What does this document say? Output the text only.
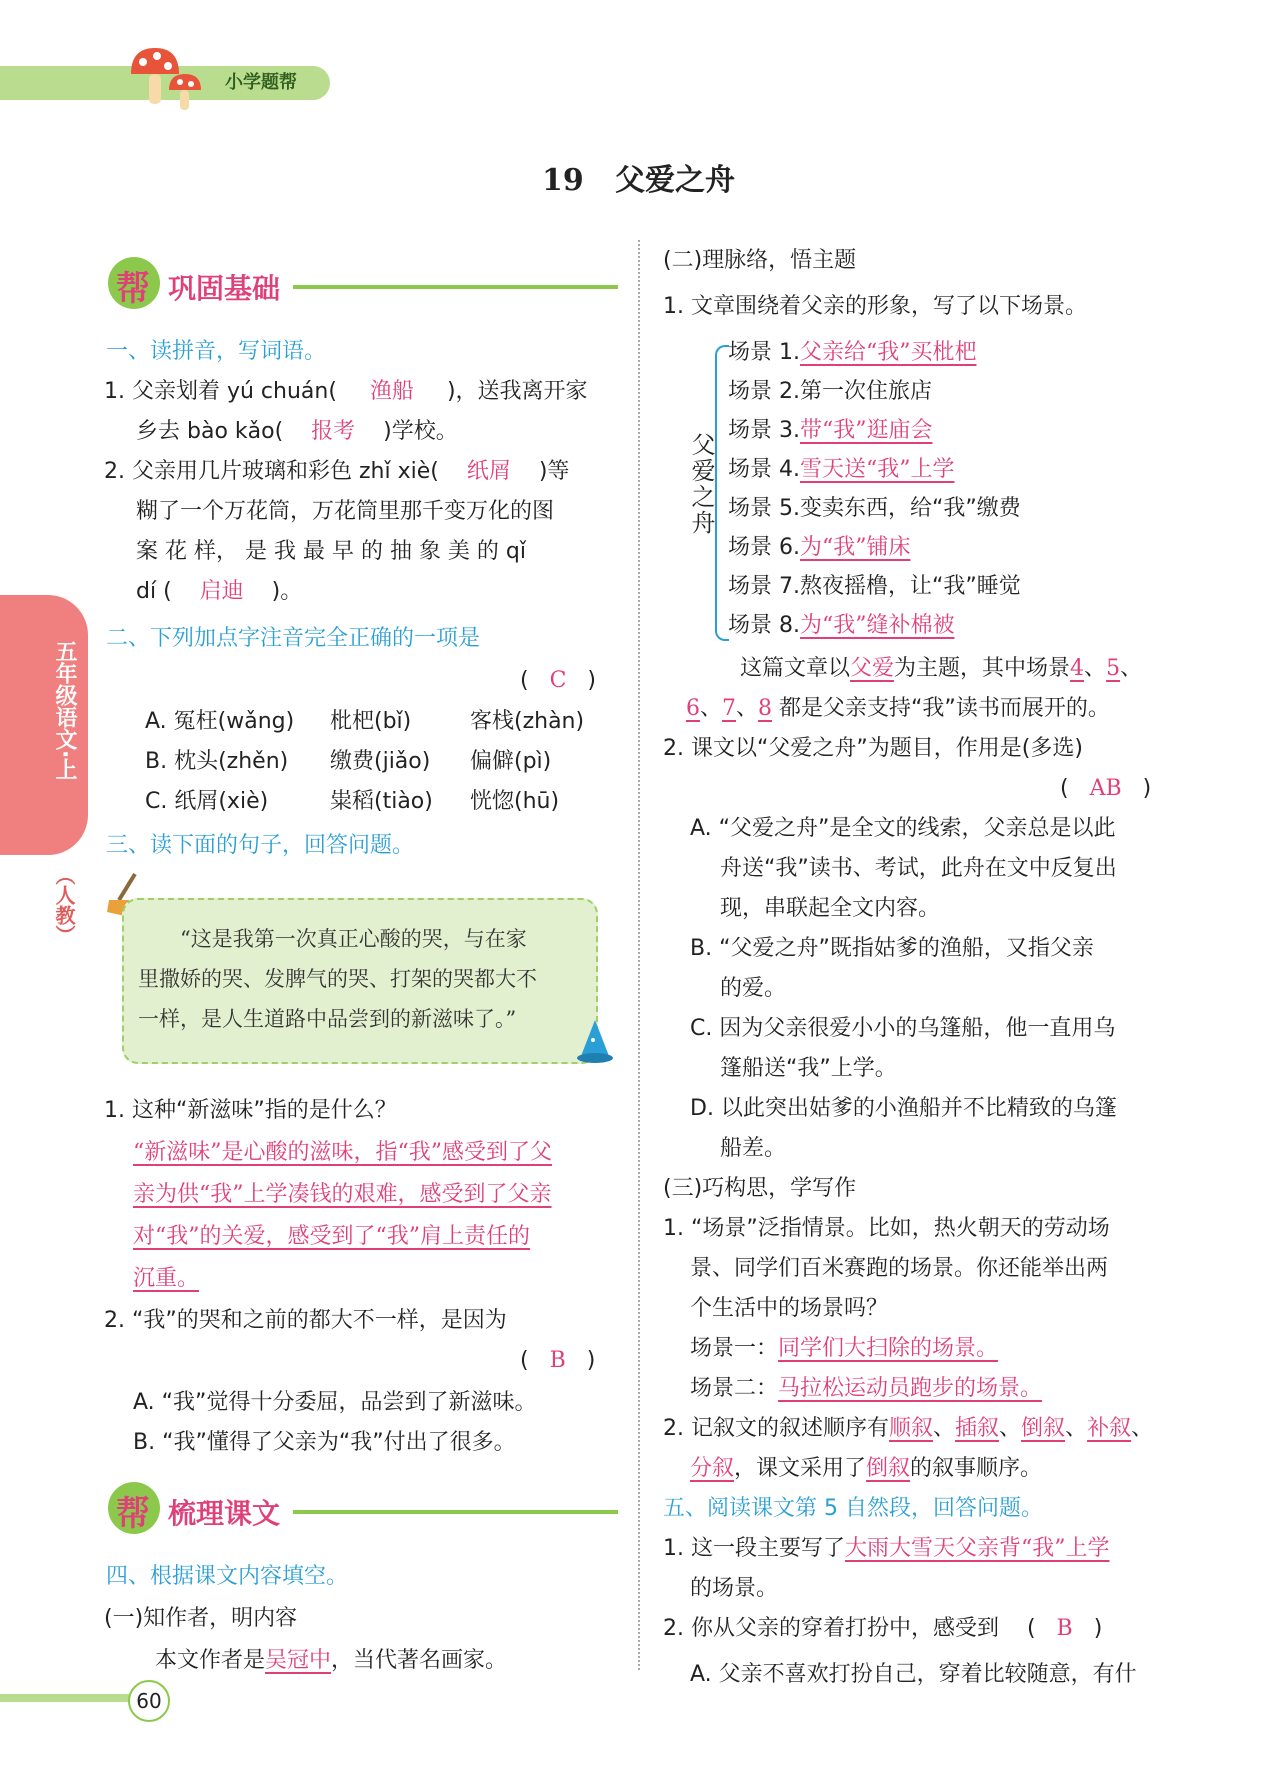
小学题帮
19 父爱之舟
五年级语文·上
（人教）
帮 巩固基础
一、读拼音，写词语。
1. 父亲划着 yú chuán( 渔船 )，送我离开家
乡去 bào kǎo( 报考 )学校。
2. 父亲用几片玻璃和彩色 zhǐ xiè( 纸屑 )等
糊了一个万花筒，万花筒里那千变万化的图
案 花 样， 是 我 最 早 的 抽 象 美 的 qǐ
dí ( 启迪 )。
二、下列加点字注音完全正确的一项是
(   C   )
A. 冤枉(wǎng) 枇杷(bǐ)	客栈(zhàn)
B. 枕头(zhěn) 缴费(jiǎo) 偏僻(pì)
C. 纸屑(xiè)	粜稻(tiào) 恍惚(hū)
三、读下面的句子，回答问题。
“这是我第一次真正心酸的哭，与在家
里撒娇的哭、发脾气的哭、打架的哭都大不
一样，是人生道路中品尝到的新滋味了。”
1. 这种“新滋味”指的是什么？
“新滋味”是心酸的滋味，指“我”感受到了父
亲为供“我”上学凑钱的艰难，感受到了父亲
对“我”的关爱，感受到了“我”肩上责任的
沉重。
2. “我”的哭和之前的都大不一样，是因为
(   B   )
A. “我”觉得十分委屈，品尝到了新滋味。
B. “我”懂得了父亲为“我”付出了很多。
帮 梳理课文
四、根据课文内容填空。
(一)知作者，明内容
本文作者是吴冠中，当代著名画家。
60
(二)理脉络，悟主题
1. 文章围绕着父亲的形象，写了以下场景。
父爱之舟
场景 1.父亲给“我”买枇杷
场景 2.第一次住旅店
场景 3.带“我”逛庙会
场景 4.雪天送“我”上学
场景 5.变卖东西，给“我”缴费
场景 6.为“我”铺床
场景 7.熬夜摇橹，让“我”睡觉
场景 8.为“我”缝补棉被
这篇文章以父爱为主题，其中场景4、5、
6、7、8 都是父亲支持“我”读书而展开的。
2. 课文以“父爱之舟”为题目，作用是(多选)
(   AB   )
A. “父爱之舟”是全文的线索，父亲总是以此
舟送“我”读书、考试，此舟在文中反复出
现，串联起全文内容。
B. “父爱之舟”既指姑爹的渔船，又指父亲
的爱。
C. 因为父亲很爱小小的乌篷船，他一直用乌
篷船送“我”上学。
D. 以此突出姑爹的小渔船并不比精致的乌篷
船差。
(三)巧构思，学写作
1. “场景”泛指情景。比如，热火朝天的劳动场
景、同学们百米赛跑的场景。你还能举出两
个生活中的场景吗？
场景一：同学们大扫除的场景。
场景二：马拉松运动员跑步的场景。
2. 记叙文的叙述顺序有顺叙、插叙、倒叙、补叙、
分叙，课文采用了倒叙的叙事顺序。
五、阅读课文第 5 自然段，回答问题。
1. 这一段主要写了大雨大雪天父亲背“我”上学
的场景。
2. 你从父亲的穿着打扮中，感受到    (   B   )
A. 父亲不喜欢打扮自己，穿着比较随意，有什
